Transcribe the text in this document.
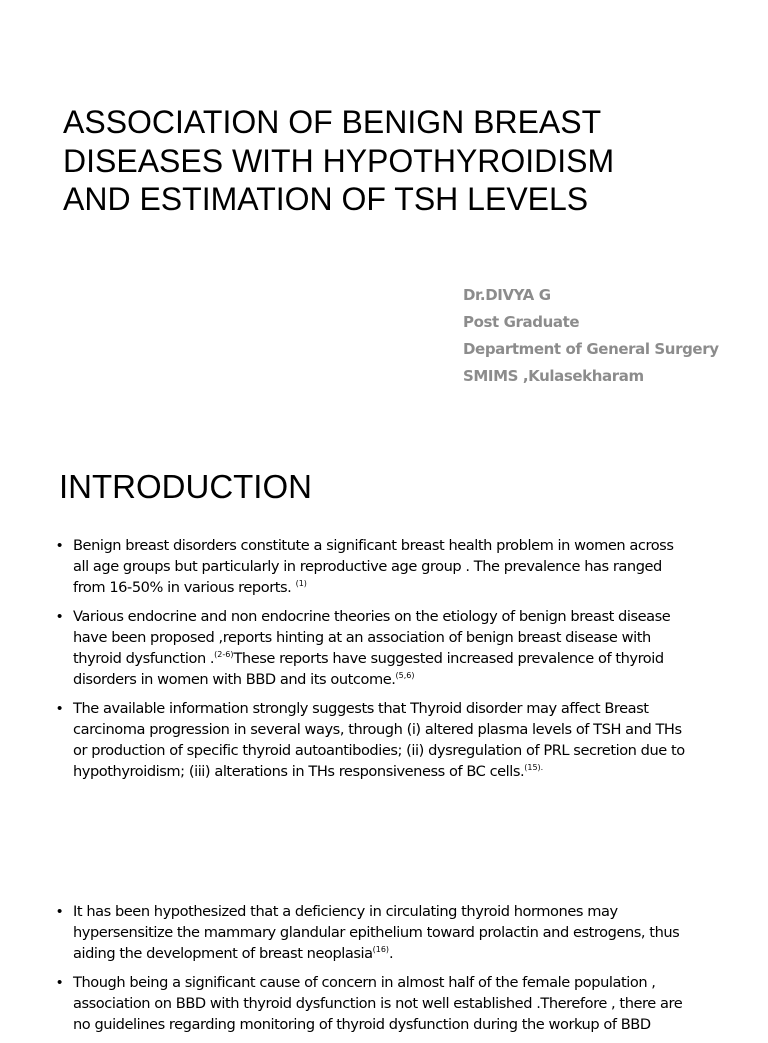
ASSOCIATION OF BENIGN BREAST
DISEASES WITH HYPOTHYROIDISM
AND ESTIMATION OF TSH LEVELS
Dr.DIVYA G
Post Graduate
Department of General Surgery
SMIMS ,Kulasekharam
INTRODUCTION
• Benign breast disorders constitute a significant breast health problem in women across
all age groups but particularly in reproductive age group . The prevalence has ranged
from 16-50% in various reports. $^{(1)}$
• Various endocrine and non endocrine theories on the etiology of benign breast disease
have been proposed ,reports hinting at an association of benign breast disease with
thyroid dysfunction .$^{(2-6)}$These reports have suggested increased prevalence of thyroid
disorders in women with BBD and its outcome.$^{(5,6)}$
• The available information strongly suggests that Thyroid disorder may affect Breast
carcinoma progression in several ways, through (i) altered plasma levels of TSH and THs
or production of specific thyroid autoantibodies; (ii) dysregulation of PRL secretion due to
hypothyroidism; (iii) alterations in THs responsiveness of BC cells.$^{(15).}$
• It has been hypothesized that a deficiency in circulating thyroid hormones may
hypersensitize the mammary glandular epithelium toward prolactin and estrogens, thus
aiding the development of breast neoplasia$^{(16)}$.
• Though being a significant cause of concern in almost half of the female population ,
association on BBD with thyroid dysfunction is not well established .Therefore , there are
no guidelines regarding monitoring of thyroid dysfunction during the workup of BBD
